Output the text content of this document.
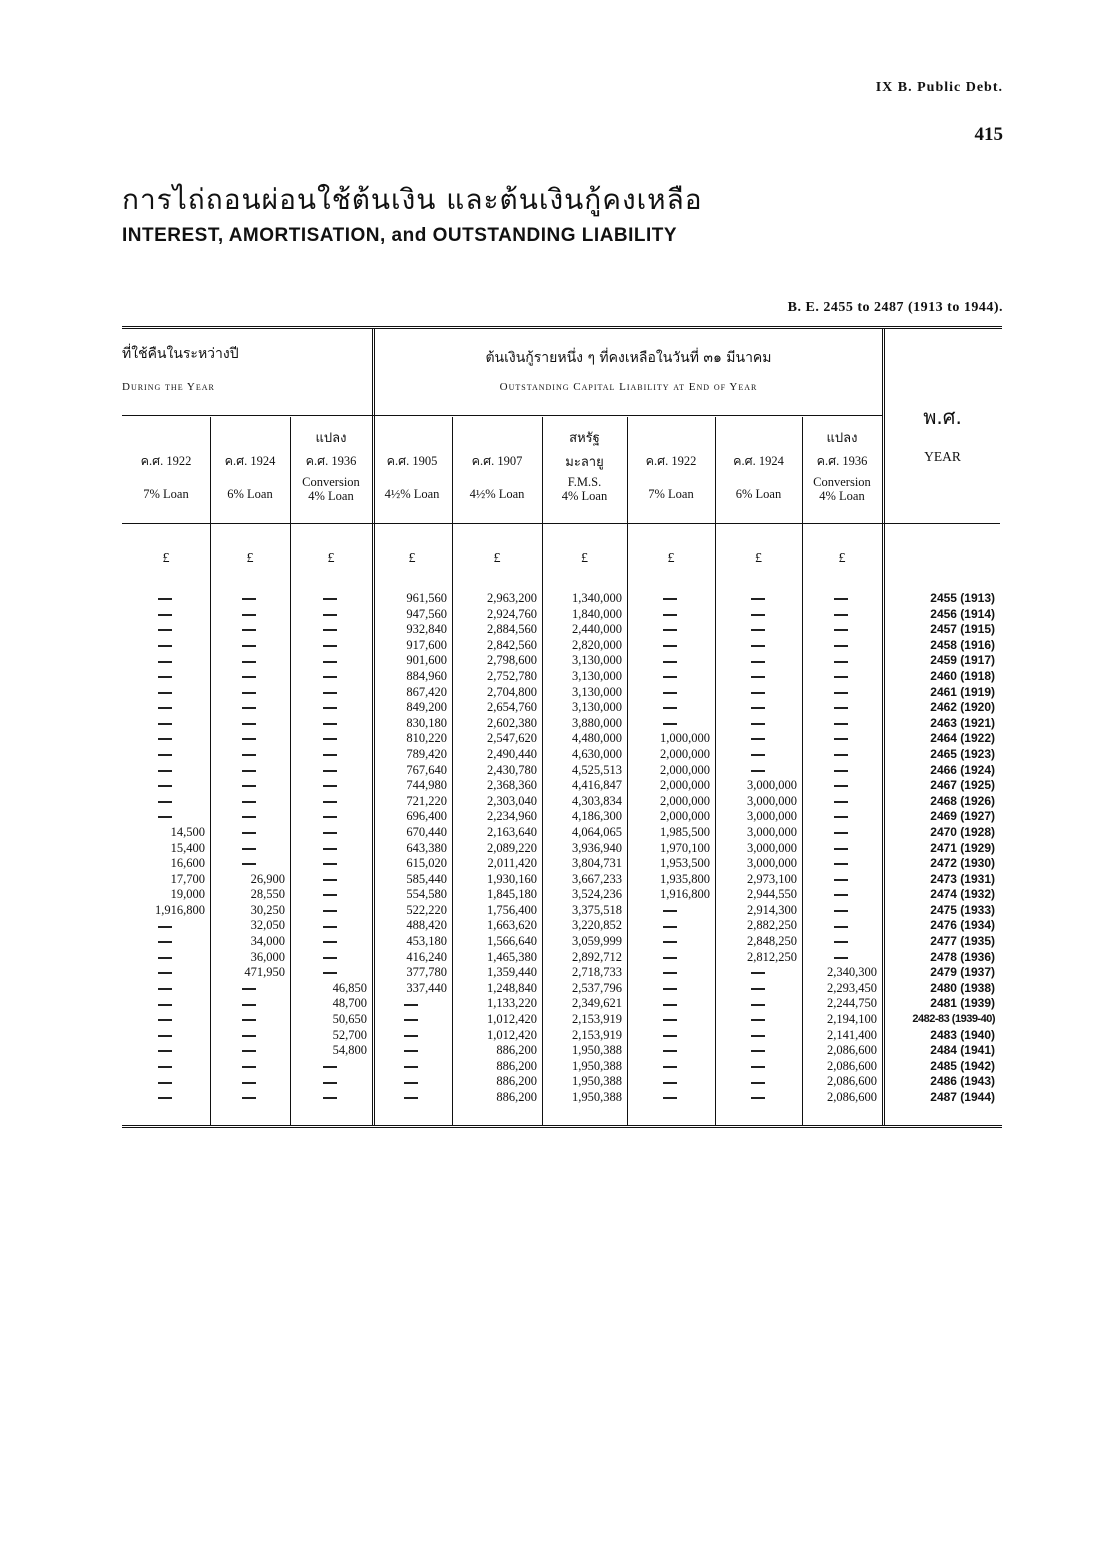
IX B. Public Debt.
415
การไถ่ถอนผ่อนใช้ต้นเงิน และต้นเงินกู้คงเหลือ
INTEREST, AMORTISATION, and OUTSTANDING LIABILITY
B. E. 2455 to 2487 (1913 to 1944).
ที่ใช้คืนในระหว่างปี
During the Year
ต้นเงินกู้รายหนึ่ง ๆ ที่คงเหลือในวันที่ ๓๑ มีนาคม
Outstanding Capital Liability at End of Year
พ.ศ.
YEAR
ค.ศ. 1922
7% Loan
£
ค.ศ. 1924
6% Loan
£
แปลง
ค.ศ. 1936
Conversion
4% Loan
£
ค.ศ. 1905
4½% Loan
£
ค.ศ. 1907
4½% Loan
£
สหรัฐ
มะลายู
F.M.S.
4% Loan
£
ค.ศ. 1922
7% Loan
£
ค.ศ. 1924
6% Loan
£
แปลง
ค.ศ. 1936
Conversion
4% Loan
£
14,500
15,400
16,600
17,700
19,000
1,916,800
26,900
28,550
30,250
32,050
34,000
36,000
471,950
46,850
48,700
50,650
52,700
54,800
961,560
947,560
932,840
917,600
901,600
884,960
867,420
849,200
830,180
810,220
789,420
767,640
744,980
721,220
696,400
670,440
643,380
615,020
585,440
554,580
522,220
488,420
453,180
416,240
377,780
337,440
2,963,200
2,924,760
2,884,560
2,842,560
2,798,600
2,752,780
2,704,800
2,654,760
2,602,380
2,547,620
2,490,440
2,430,780
2,368,360
2,303,040
2,234,960
2,163,640
2,089,220
2,011,420
1,930,160
1,845,180
1,756,400
1,663,620
1,566,640
1,465,380
1,359,440
1,248,840
1,133,220
1,012,420
1,012,420
886,200
886,200
886,200
886,200
1,340,000
1,840,000
2,440,000
2,820,000
3,130,000
3,130,000
3,130,000
3,130,000
3,880,000
4,480,000
4,630,000
4,525,513
4,416,847
4,303,834
4,186,300
4,064,065
3,936,940
3,804,731
3,667,233
3,524,236
3,375,518
3,220,852
3,059,999
2,892,712
2,718,733
2,537,796
2,349,621
2,153,919
2,153,919
1,950,388
1,950,388
1,950,388
1,950,388
1,000,000
2,000,000
2,000,000
2,000,000
2,000,000
2,000,000
1,985,500
1,970,100
1,953,500
1,935,800
1,916,800
3,000,000
3,000,000
3,000,000
3,000,000
3,000,000
3,000,000
2,973,100
2,944,550
2,914,300
2,882,250
2,848,250
2,812,250
2,340,300
2,293,450
2,244,750
2,194,100
2,141,400
2,086,600
2,086,600
2,086,600
2,086,600
2455 (1913)
2456 (1914)
2457 (1915)
2458 (1916)
2459 (1917)
2460 (1918)
2461 (1919)
2462 (1920)
2463 (1921)
2464 (1922)
2465 (1923)
2466 (1924)
2467 (1925)
2468 (1926)
2469 (1927)
2470 (1928)
2471 (1929)
2472 (1930)
2473 (1931)
2474 (1932)
2475 (1933)
2476 (1934)
2477 (1935)
2478 (1936)
2479 (1937)
2480 (1938)
2481 (1939)
2482-83 (1939-40)
2483 (1940)
2484 (1941)
2485 (1942)
2486 (1943)
2487 (1944)
